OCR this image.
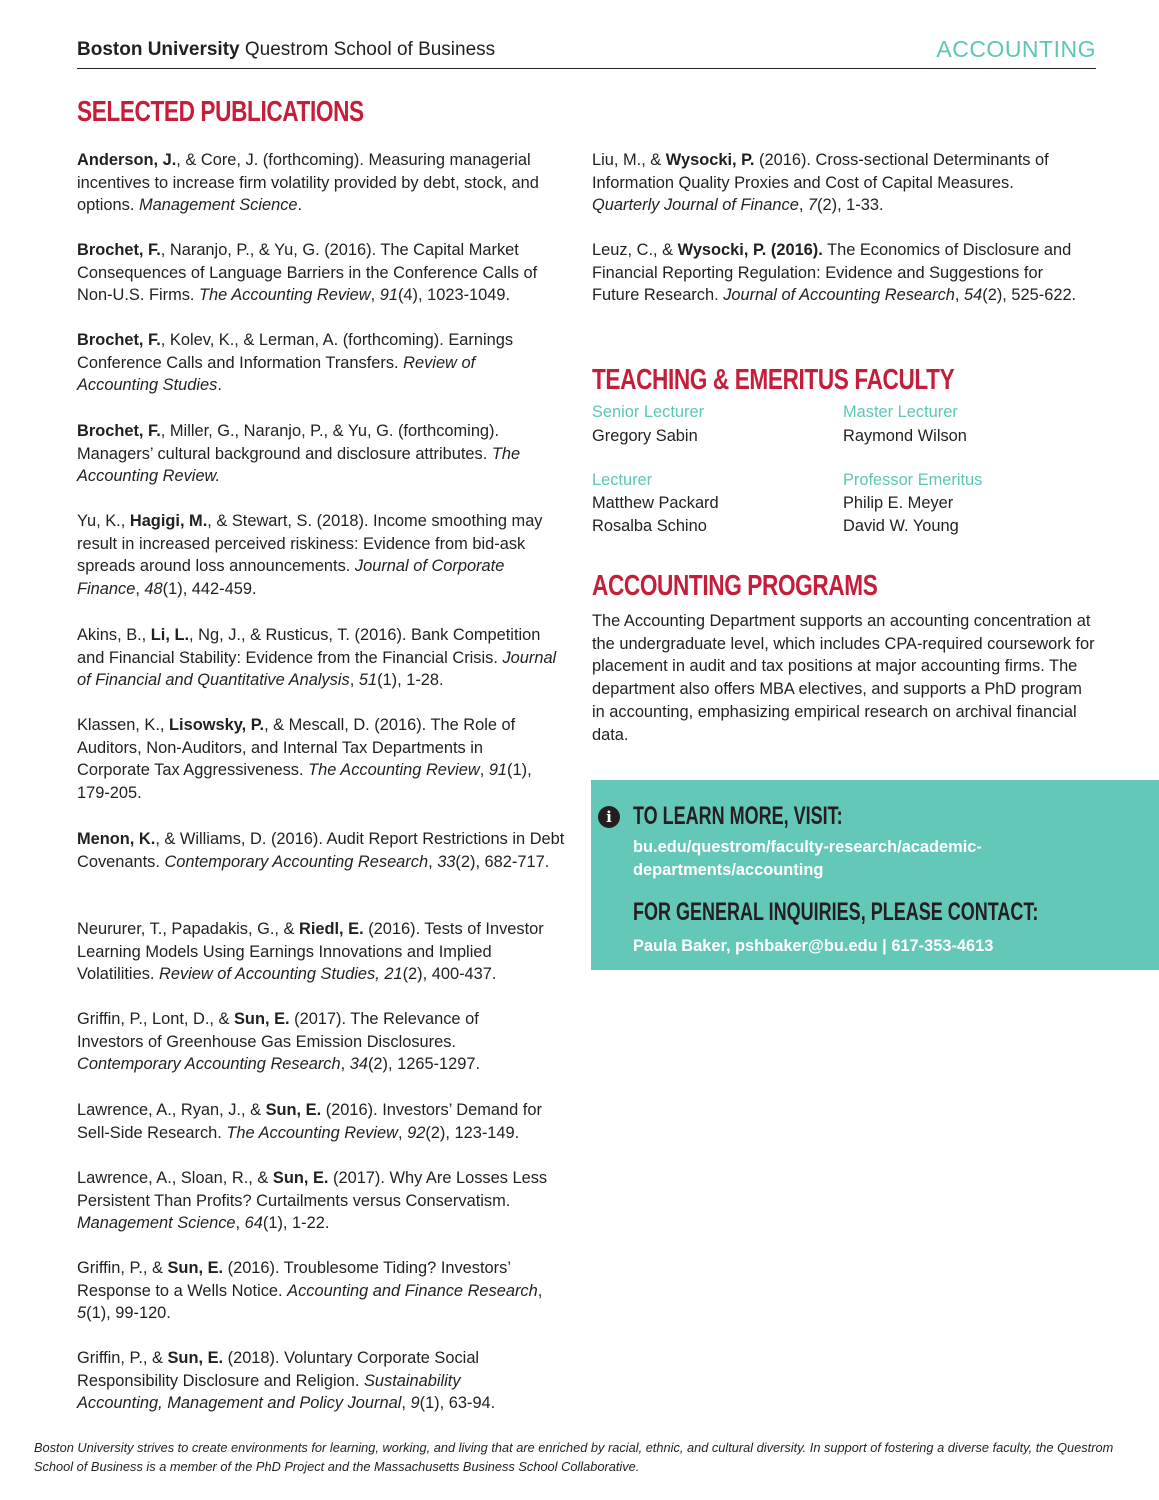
Boston University Questrom School of Business	ACCOUNTING
SELECTED PUBLICATIONS

Anderson, J., & Core, J. (forthcoming). Measuring managerial incentives to increase firm volatility provided by debt, stock, and options. Management Science.

Brochet, F., Naranjo, P., & Yu, G. (2016). The Capital Market Consequences of Language Barriers in the Conference Calls of Non-U.S. Firms. The Accounting Review, 91(4), 1023-1049.

Brochet, F., Kolev, K., & Lerman, A. (forthcoming). Earnings Conference Calls and Information Transfers. Review of Accounting Studies.

Brochet, F., Miller, G., Naranjo, P., & Yu, G. (forthcoming). Managers’ cultural background and disclosure attributes. The Accounting Review.

Yu, K., Hagigi, M., & Stewart, S. (2018). Income smoothing may result in increased perceived riskiness: Evidence from bid-ask spreads around loss announcements. Journal of Corporate Finance, 48(1), 442-459.

Akins, B., Li, L., Ng, J., & Rusticus, T. (2016). Bank Competition and Financial Stability: Evidence from the Financial Crisis. Journal of Financial and Quantitative Analysis, 51(1), 1-28.

Klassen, K., Lisowsky, P., & Mescall, D. (2016). The Role of Auditors, Non-Auditors, and Internal Tax Departments in Corporate Tax Aggressiveness. The Accounting Review, 91(1), 179-205.

Menon, K., & Williams, D. (2016). Audit Report Restrictions in Debt Covenants. Contemporary Accounting Research, 33(2), 682-717.

Neururer, T., Papadakis, G., & Riedl, E. (2016). Tests of Investor Learning Models Using Earnings Innovations and Implied Volatilities. Review of Accounting Studies, 21(2), 400-437.

Griffin, P., Lont, D., & Sun, E. (2017). The Relevance of Investors of Greenhouse Gas Emission Disclosures. Contemporary Accounting Research, 34(2), 1265-1297.

Lawrence, A., Ryan, J., & Sun, E. (2016). Investors’ Demand for Sell-Side Research. The Accounting Review, 92(2), 123-149.

Lawrence, A., Sloan, R., & Sun, E. (2017). Why Are Losses Less Persistent Than Profits? Curtailments versus Conservatism. Management Science, 64(1), 1-22.

Griffin, P., & Sun, E. (2016). Troublesome Tiding? Investors’ Response to a Wells Notice. Accounting and Finance Research, 5(1), 99-120.

Griffin, P., & Sun, E. (2018). Voluntary Corporate Social Responsibility Disclosure and Religion. Sustainability Accounting, Management and Policy Journal, 9(1), 63-94.

Liu, M., & Wysocki, P. (2016). Cross-sectional Determinants of Information Quality Proxies and Cost of Capital Measures. Quarterly Journal of Finance, 7(2), 1-33.

Leuz, C., & Wysocki, P. (2016). The Economics of Disclosure and Financial Reporting Regulation: Evidence and Suggestions for Future Research. Journal of Accounting Research, 54(2), 525-622.

TEACHING & EMERITUS FACULTY
Senior Lecturer
Gregory Sabin
Master Lecturer
Raymond Wilson
Lecturer
Matthew Packard
Rosalba Schino
Professor Emeritus
Philip E. Meyer
David W. Young
ACCOUNTING PROGRAMS

The Accounting Department supports an accounting concentration at the undergraduate level, which includes CPA-required coursework for placement in audit and tax positions at major accounting firms. The department also offers MBA electives, and supports a PhD program in accounting, emphasizing empirical research on archival financial data.

i TO LEARN MORE, VISIT:
bu.edu/questrom/faculty-research/academic-departments/accounting
FOR GENERAL INQUIRIES, PLEASE CONTACT:
Paula Baker, pshbaker@bu.edu | 617-353-4613

Boston University strives to create environments for learning, working, and living that are enriched by racial, ethnic, and cultural diversity. In support of fostering a diverse faculty, the Questrom School of Business is a member of the PhD Project and the Massachusetts Business School Collaborative.
